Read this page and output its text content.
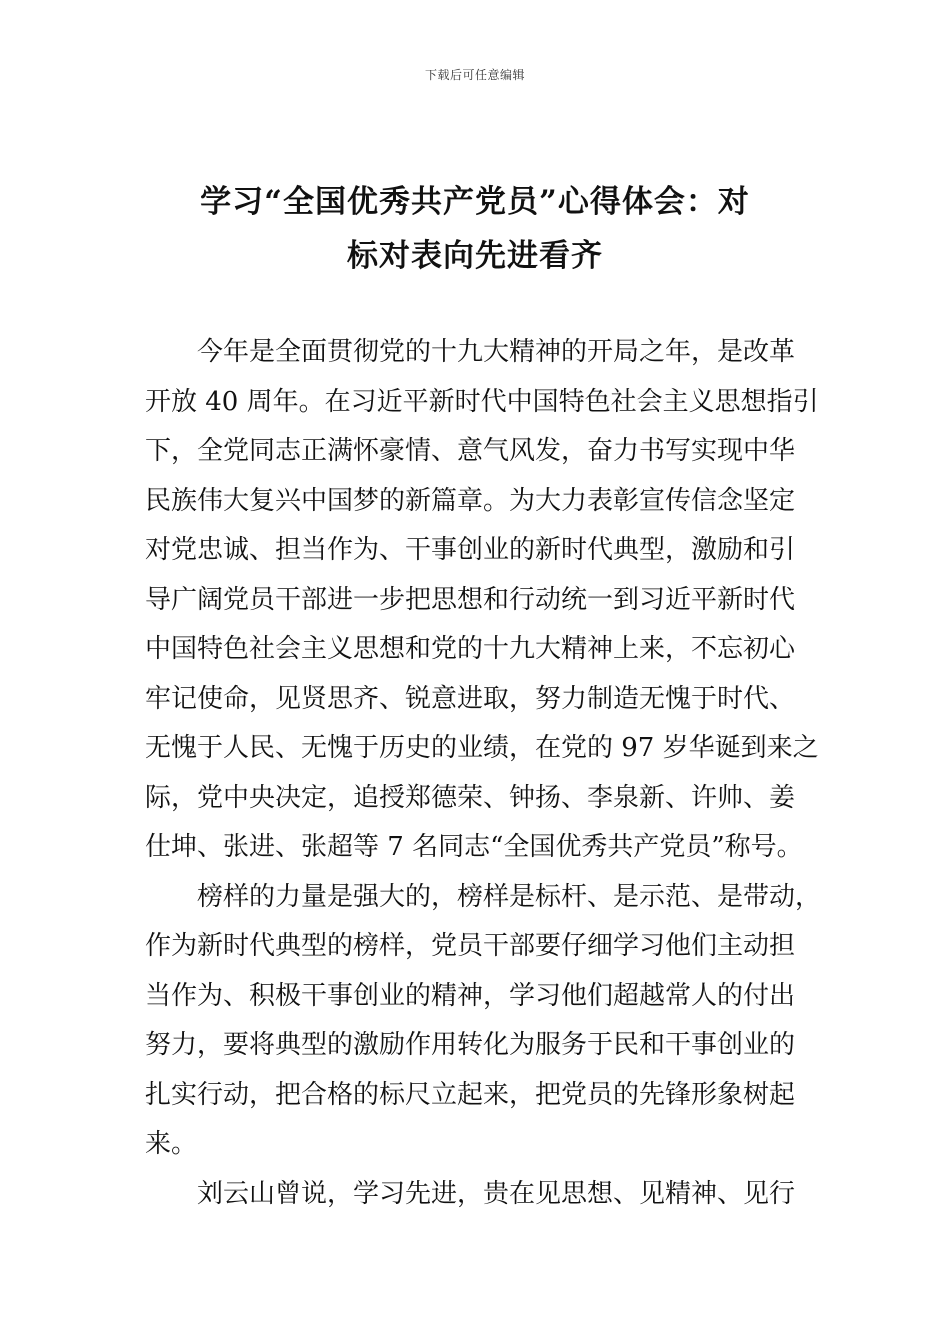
下载后可任意编辑
学习“全国优秀共产党员”心得体会：对
标对表向先进看齐

今年是全面贯彻党的十九大精神的开局之年，是改革
开放 40 周年。在习近平新时代中国特色社会主义思想指引
下，全党同志正满怀豪情、意气风发，奋力书写实现中华
民族伟大复兴中国梦的新篇章。为大力表彰宣传信念坚定
对党忠诚、担当作为、干事创业的新时代典型，激励和引
导广阔党员干部进一步把思想和行动统一到习近平新时代
中国特色社会主义思想和党的十九大精神上来，不忘初心
牢记使命，见贤思齐、锐意进取，努力制造无愧于时代、
无愧于人民、无愧于历史的业绩，在党的 97 岁华诞到来之
际，党中央决定，追授郑德荣、钟扬、李泉新、许帅、姜
仕坤、张进、张超等 7 名同志“全国优秀共产党员”称号。

榜样的力量是强大的，榜样是标杆、是示范、是带动，
作为新时代典型的榜样，党员干部要仔细学习他们主动担
当作为、积极干事创业的精神，学习他们超越常人的付出
努力，要将典型的激励作用转化为服务于民和干事创业的
扎实行动，把合格的标尺立起来，把党员的先锋形象树起
来。

刘云山曾说，学习先进，贵在见思想、见精神、见行
